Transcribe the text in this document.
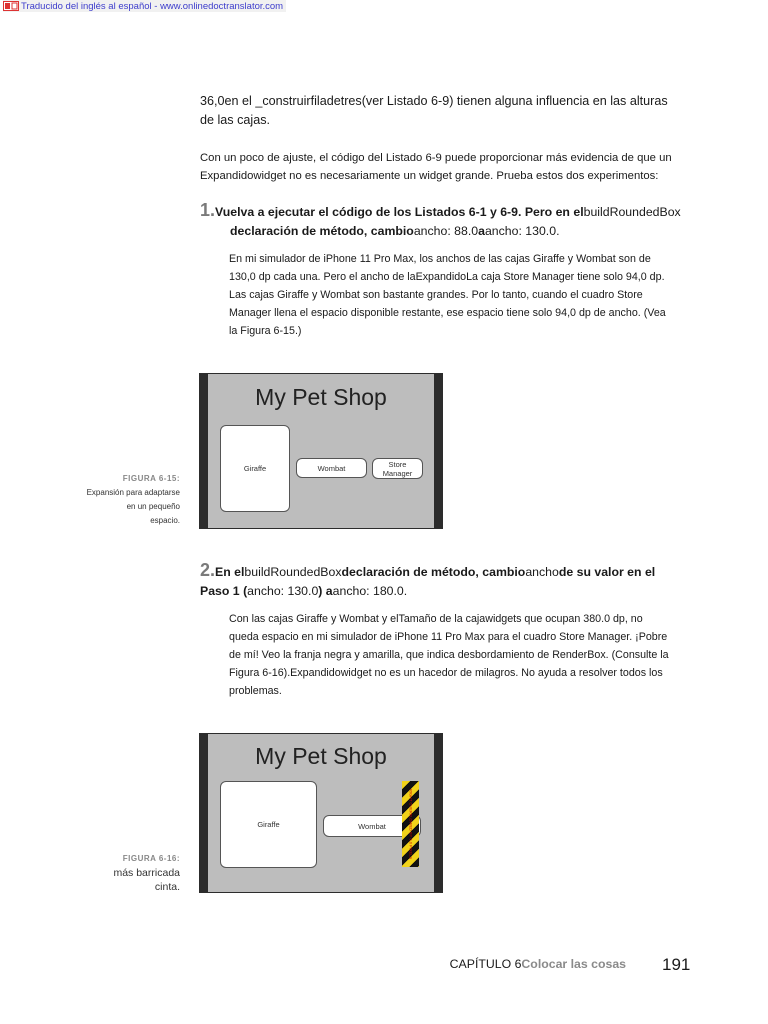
Traducido del inglés al español - www.onlinedoctranslator.com
36,0en el _construirfiladetres(ver Listado 6-9) tienen alguna influencia en las alturas de las cajas.
Con un poco de ajuste, el código del Listado 6-9 puede proporcionar más evidencia de que un Expandidowidget no es necesariamente un widget grande. Prueba estos dos experimentos:
1.Vuelva a ejecutar el código de los Listados 6-1 y 6-9. Pero en elbuildRoundedBox
declaración de método, cambioancho: 88.0aancho: 130.0.
En mi simulador de iPhone 11 Pro Max, los anchos de las cajas Giraffe y Wombat son de 130,0 dp cada una. Pero el ancho de laExpandidoLa caja Store Manager tiene solo 94,0 dp. Las cajas Giraffe y Wombat son bastante grandes. Por lo tanto, cuando el cuadro Store Manager llena el espacio disponible restante, ese espacio tiene solo 94,0 dp de ancho. (Vea la Figura 6-15.)
My Pet Shop
Giraffe	Wombat	Store Manager
FIGURA 6-15:
Expansión para adaptarse
en un pequeño
espacio.
2.En elbuildRoundedBoxdeclaración de método, cambioanchode su valor en el Paso 1 (ancho: 130.0) aancho: 180.0.
Con las cajas Giraffe y Wombat y elTamaño de la cajawidgets que ocupan 380.0 dp, no queda espacio en mi simulador de iPhone 11 Pro Max para el cuadro Store Manager. ¡Pobre de mí! Veo la franja negra y amarilla, que indica desbordamiento de RenderBox. (Consulte la Figura 6-16).Expandidowidget no es un hacedor de milagros. No ayuda a resolver todos los problemas.
My Pet Shop
Giraffe	Wombat	RIGHT OVERFLOWED BY 6.0 PIXELS
FIGURA 6-16:
más barricada
cinta.
CAPÍTULO 6Colocar las cosas 191
